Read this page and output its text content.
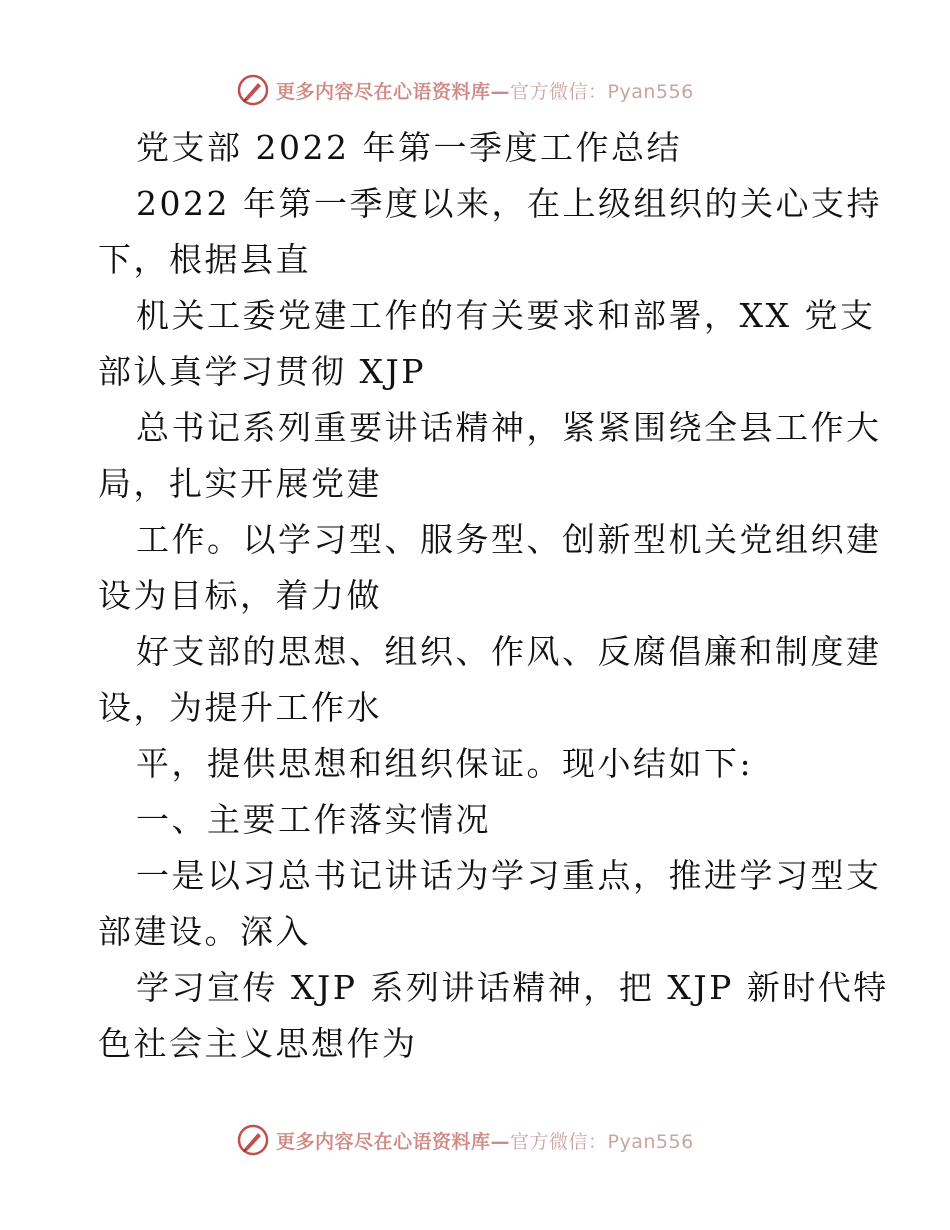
更多内容尽在心语资料库—官方微信：Pyan556
党支部 2022 年第一季度工作总结
2022 年第一季度以来，在上级组织的关心支持
下，根据县直
机关工委党建工作的有关要求和部署，XX 党支
部认真学习贯彻 XJP
总书记系列重要讲话精神，紧紧围绕全县工作大
局，扎实开展党建
工作。以学习型、服务型、创新型机关党组织建
设为目标，着力做
好支部的思想、组织、作风、反腐倡廉和制度建
设，为提升工作水
平，提供思想和组织保证。现小结如下:
一、主要工作落实情况
一是以习总书记讲话为学习重点，推进学习型支
部建设。深入
学习宣传 XJP 系列讲话精神，把 XJP 新时代特
色社会主义思想作为
更多内容尽在心语资料库—官方微信：Pyan556
